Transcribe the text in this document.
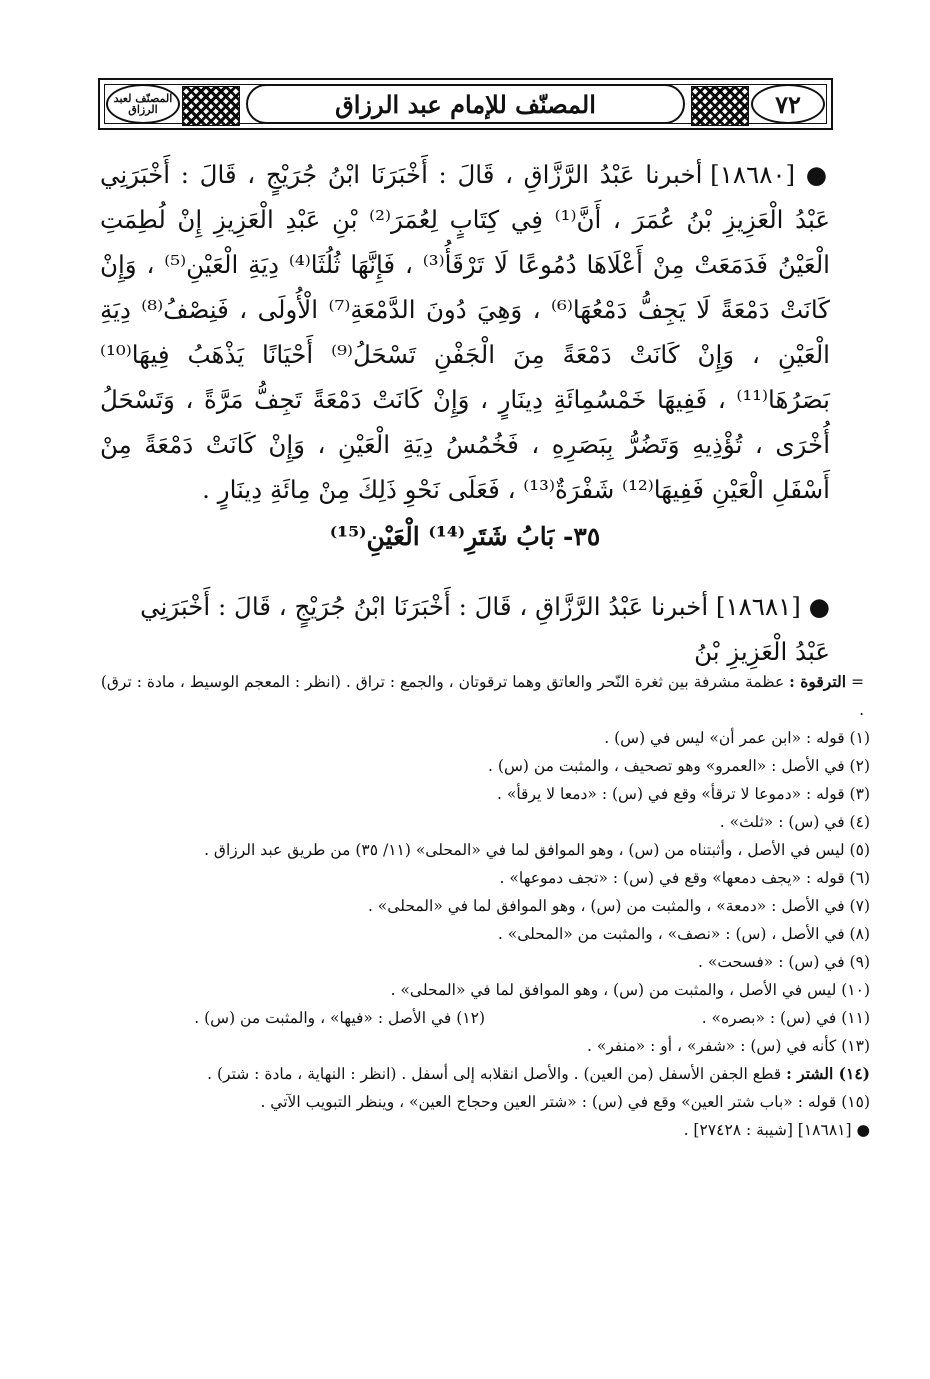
المصنّف لعبد الرزاق	المصنّف للإمام عبد الرزاق	٧٢

● [١٨٦٨٠] أخبرنا عَبْدُ الرَّزَّاقِ ، قَالَ : أَخْبَرَنَا ابْنُ جُرَيْجٍ ، قَالَ : أَخْبَرَنِي عَبْدُ الْعَزِيزِ بْنُ عُمَرَ ، أَنَّ⁽¹⁾ فِي كِتَابٍ لِعُمَرَ⁽²⁾ بْنِ عَبْدِ الْعَزِيزِ إِنْ لُطِمَتِ الْعَيْنُ فَدَمَعَتْ مِنْ أَعْلَاهَا دُمُوعًا لَا تَرْقَأُ⁽³⁾ ، فَإِنَّهَا ثُلُثَا⁽⁴⁾ دِيَةِ الْعَيْنِ⁽⁵⁾ ، وَإِنْ كَانَتْ دَمْعَةً لَا يَجِفُّ دَمْعُهَا⁽⁶⁾ ، وَهِيَ دُونَ الدَّمْعَةِ⁽⁷⁾ الْأُولَى ، فَنِصْفُ⁽⁸⁾ دِيَةِ الْعَيْنِ ، وَإِنْ كَانَتْ دَمْعَةً مِنَ الْجَفْنِ تَسْحَلُ⁽⁹⁾ أَحْيَانًا يَذْهَبُ فِيهَا⁽¹⁰⁾ بَصَرُهَا⁽¹¹⁾ ، فَفِيهَا خَمْسُمِائَةِ دِينَارٍ ، وَإِنْ كَانَتْ دَمْعَةً تَجِفُّ مَرَّةً ، وَتَسْحَلُ أُخْرَى ، تُؤْذِيهِ وَتَضُرُّ بِبَصَرِهِ ، فَخُمُسُ دِيَةِ الْعَيْنِ ، وَإِنْ كَانَتْ دَمْعَةً مِنْ أَسْفَلِ الْعَيْنِ فَفِيهَا⁽¹²⁾ شَفْرَةٌ⁽¹³⁾ ، فَعَلَى نَحْوِ ذَلِكَ مِنْ مِائَةِ دِينَارٍ .

٣٥- بَابُ شَتَرِ⁽¹⁴⁾ الْعَيْنِ⁽¹⁵⁾

● [١٨٦٨١] أخبرنا عَبْدُ الرَّزَّاقِ ، قَالَ : أَخْبَرَنَا ابْنُ جُرَيْجٍ ، قَالَ : أَخْبَرَنِي عَبْدُ الْعَزِيزِ بْنُ

= الترقوة : عظمة مشرفة بين ثغرة النّحر والعاتق وهما ترقوتان ، والجمع : تراق . (انظر : المعجم الوسيط ، مادة : ترق) .
(١) قوله : «ابن عمر أن» ليس في (س) .
(٢) في الأصل : «العمرو» وهو تصحيف ، والمثبت من (س) .
(٣) قوله : «دموعا لا ترقأ» وقع في (س) : «دمعا لا يرقأ» .
(٤) في (س) : «ثلث» .
(٥) ليس في الأصل ، وأثبتناه من (س) ، وهو الموافق لما في «المحلى» (١١/ ٣٥) من طريق عبد الرزاق .
(٦) قوله : «يجف دمعها» وقع في (س) : «تجف دموعها» .
(٧) في الأصل : «دمعة» ، والمثبت من (س) ، وهو الموافق لما في «المحلى» .
(٨) في الأصل ، (س) : «نصف» ، والمثبت من «المحلى» .
(٩) في (س) : «فسحت» .
(١٠) ليس في الأصل ، والمثبت من (س) ، وهو الموافق لما في «المحلى» .
(١١) في (س) : «بصره» .
(١٢) في الأصل : «فيها» ، والمثبت من (س) .
(١٣) كأنه في (س) : «شفر» ، أو : «منفر» .
(١٤) الشتر : قطع الجفن الأسفل (من العين) . والأصل انقلابه إلى أسفل . (انظر : النهاية ، مادة : شتر) .
(١٥) قوله : «باب شتر العين» وقع في (س) : «شتر العين وحجاج العين» ، وينظر التبويب الآتي .
● [١٨٦٨١] [شيبة : ٢٧٤٢٨] .
